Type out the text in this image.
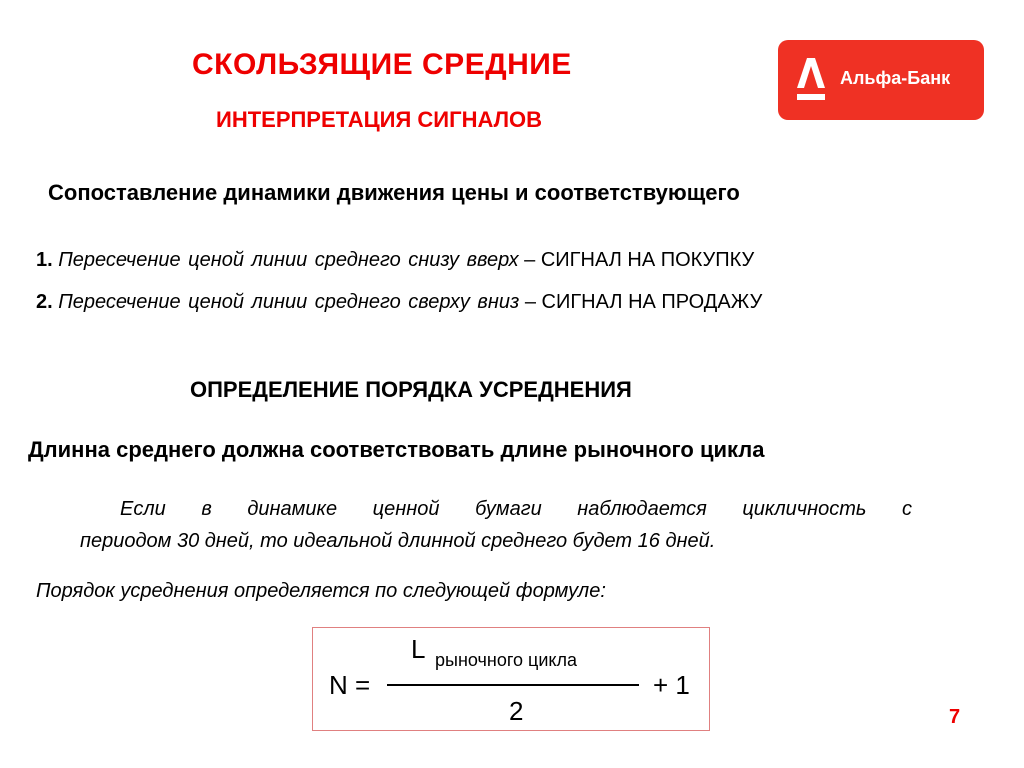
СКОЛЬЗЯЩИЕ СРЕДНИЕ
ИНТЕРПРЕТАЦИЯ СИГНАЛОВ
Альфа-Банк
Сопоставление динамики движения цены и соответствующего
1. Пересечение ценой линии среднего снизу вверх – СИГНАЛ НА ПОКУПКУ
2. Пересечение ценой линии среднего сверху вниз – СИГНАЛ НА ПРОДАЖУ
ОПРЕДЕЛЕНИЕ ПОРЯДКА УСРЕДНЕНИЯ
Длинна среднего должна соответствовать длине рыночного цикла
Если в динамике ценной бумаги наблюдается цикличность с
периодом 30 дней, то идеальной длинной среднего будет 16 дней.
Порядок усреднения определяется по следующей формуле:
L рыночного цикла
N =
2
+ 1
7
